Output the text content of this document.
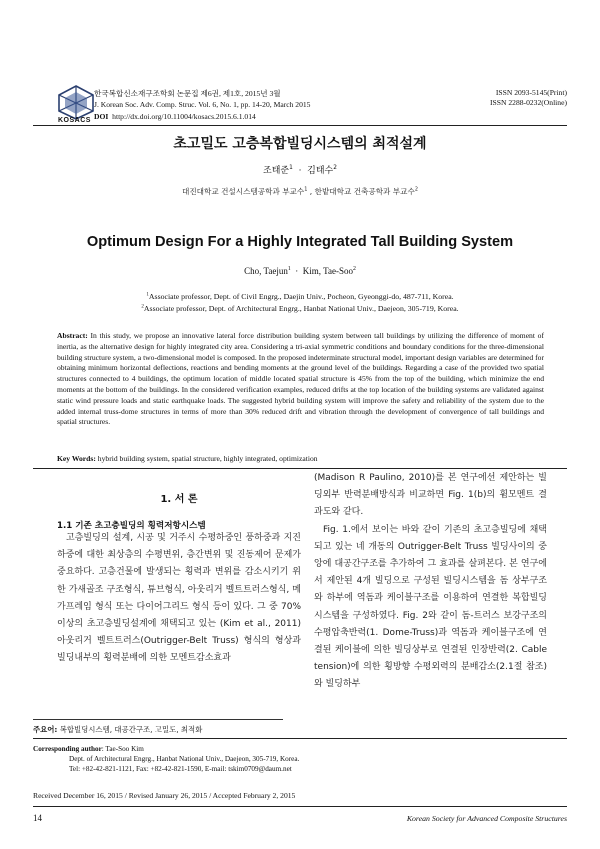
KOSACS
한국복합신소재구조학회 논문집 제6권, 제1호, 2015년 3월
J. Korean Soc. Adv. Comp. Struc. Vol. 6, No. 1, pp. 14-20, March 2015
DOI http://dx.doi.org/10.11004/kosacs.2015.6.1.014
ISSN 2093-5145(Print)
ISSN 2288-0232(Online)
초고밀도 고층복합빌딩시스템의 최적설계
조태준$^1$ · 김태수$^2$
대진대학교 건설시스템공학과 부교수$^1$ , 한밭대학교 건축공학과 부교수$^2$
Optimum Design For a Highly Integrated Tall Building System
Cho, Taejun$^1$ · Kim, Tae-Soo$^2$
$^1$Associate professor, Dept. of Civil Engrg., Daejin Univ., Pocheon, Gyeonggi-do, 487-711, Korea.
$^2$Associate professor, Dept. of Architectural Engrg., Hanbat National Univ., Daejeon, 305-719, Korea.
Abstract: In this study, we propose an innovative lateral force distribution building system between tall buildings by utilizing the difference of moment of inertia, as the alternative design for highly integrated city area. Considering a tri-axial symmetric conditions and boundary conditions for the three-dimensional building structure system, a two-dimensional model is composed. In the proposed indeterminate structural model, important design variables are determined for obtaining minimum horizontal deflections, reactions and bending moments at the ground level of the buildings. Regarding a case of the provided two spatial structures connected to 4 buildings, the optimum location of middle located spatial structure is 45% from the top of the building, which minimize the end moments at the bottom of the buildings. In the considered verification examples, reduced drifts at the top location of the building systems are validated against static wind pressure loads and static earthquake loads. The suggested hybrid building system will improve the safety and reliability of the system due to the added internal truss-dome structures in terms of more than 30% reduced drift and vibration through the development of convergence of tall buildings and spatial structures.
Key Words: hybrid building system, spatial structure, highly integrated, optimization
1. 서 론
1.1 기존 초고층빌딩의 횡력저항시스템
고층빌딩의 설계, 시공 및 거주시 수평하중인 풍하중과 지진하중에 대한 최상층의 수평변위, 층간변위 및 진동제어 문제가 중요하다. 고층건물에 발생되는 횡력과 변위를 감소시키기 위한 가새골조 구조형식, 튜브형식, 아웃리거 벨트트러스형식, 메가프레임 형식 또는 다이어그리드 형식 등이 있다. 그 중 70%이상의 초고층빌딩설계에 채택되고 있는 (Kim et al., 2011) 아웃리거 벨트트러스(Outrigger-Belt Truss) 형식의 형상과 빌딩내부의 횡력분배에 의한 모멘트감소효과
(Madison R Paulino, 2010)를 본 연구에선 제안하는 빌딩외부 반력분배방식과 비교하면 Fig. 1(b)의 휨모멘트 결과도와 같다.
Fig. 1.에서 보이는 바와 같이 기존의 초고층빌딩에 채택되고 있는 네 개동의 Outrigger-Belt Truss 빌딩사이의 중앙에 대공간구조를 추가하여 그 효과를 살펴본다. 본 연구에서 제안된 4개 빌딩으로 구성된 빌딩시스템을 돔 상부구조와 하부에 역돔과 케이블구조를 이용하여 연결한 복합빌딩시스템을 구성하였다. Fig. 2와 같이 돔-트러스 보강구조의 수평압축반력(1. Dome-Truss)과 역돔과 케이블구조에 연결된 케이블에 의한 빌딩상부로 연결된 인장반력(2. Cable tension)에 의한 횡방향 수평외력의 분배감소(2.1절 참조)와 빌딩하부
주요어: 복합빌딩시스템, 대공간구조, 고밀도, 최적화
Corresponding author: Tae-Soo Kim
Dept. of Architectural Engrg., Hanbat National Univ., Daejeon, 305-719, Korea.
Tel: +82-42-821-1121, Fax: +82-42-821-1590, E-mail: tskim0709@daum.net
Received December 16, 2015 / Revised January 26, 2015 / Accepted February 2, 2015
14	Korean Society for Advanced Composite Structures
